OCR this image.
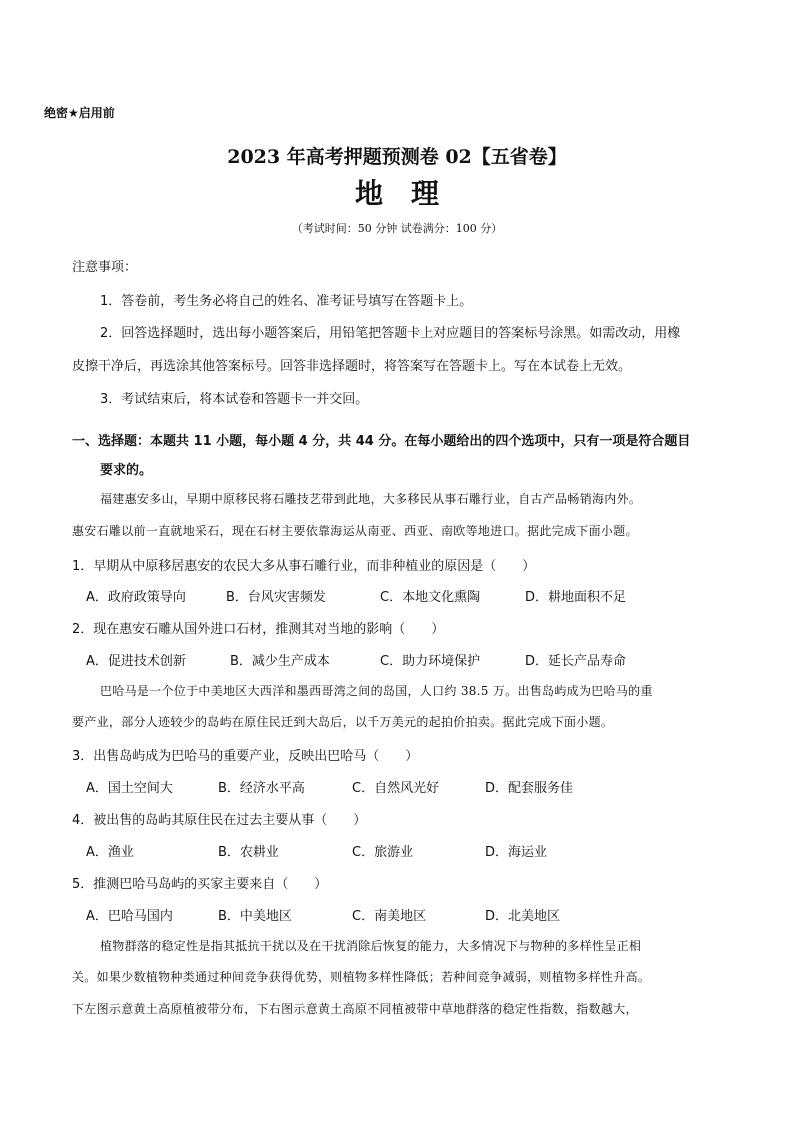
绝密★启用前
2023 年高考押题预测卷 02【五省卷】
地理
（考试时间：50 分钟 试卷满分：100 分）
注意事项：
1．答卷前，考生务必将自己的姓名、准考证号填写在答题卡上。
2．回答选择题时，选出每小题答案后，用铅笔把答题卡上对应题目的答案标号涂黑。如需改动，用橡
皮擦干净后，再选涂其他答案标号。回答非选择题时，将答案写在答题卡上。写在本试卷上无效。
3．考试结束后，将本试卷和答题卡一并交回。
一、选择题：本题共 11 小题，每小题 4 分，共 44 分。在每小题给出的四个选项中，只有一项是符合题目
要求的。
福建惠安多山，早期中原移民将石雕技艺带到此地，大多移民从事石雕行业，自古产品畅销海内外。
惠安石雕以前一直就地采石，现在石材主要依靠海运从南亚、西亚、南欧等地进口。据此完成下面小题。
1．早期从中原移居惠安的农民大多从事石雕行业，而非种植业的原因是（　　）
A．政府政策导向	B．台风灾害频发	C．本地文化熏陶	D．耕地面积不足
2．现在惠安石雕从国外进口石材，推测其对当地的影响（　　）
A．促进技术创新	B．减少生产成本	C．助力环境保护	D．延长产品寿命
巴哈马是一个位于中美地区大西洋和墨西哥湾之间的岛国，人口约 38.5 万。出售岛屿成为巴哈马的重
要产业，部分人迹较少的岛屿在原住民迁到大岛后，以千万美元的起拍价拍卖。据此完成下面小题。
3．出售岛屿成为巴哈马的重要产业，反映出巴哈马（　　）
A．国土空间大	B．经济水平高	C．自然风光好	D．配套服务佳
4．被出售的岛屿其原住民在过去主要从事（　　）
A．渔业	B．农耕业	C．旅游业	D．海运业
5．推测巴哈马岛屿的买家主要来自（　　）
A．巴哈马国内	B．中美地区	C．南美地区	D．北美地区
植物群落的稳定性是指其抵抗干扰以及在干扰消除后恢复的能力，大多情况下与物种的多样性呈正相
关。如果少数植物种类通过种间竞争获得优势，则植物多样性降低；若种间竞争减弱，则植物多样性升高。
下左图示意黄土高原植被带分布，下右图示意黄土高原不同植被带中草地群落的稳定性指数，指数越大，
